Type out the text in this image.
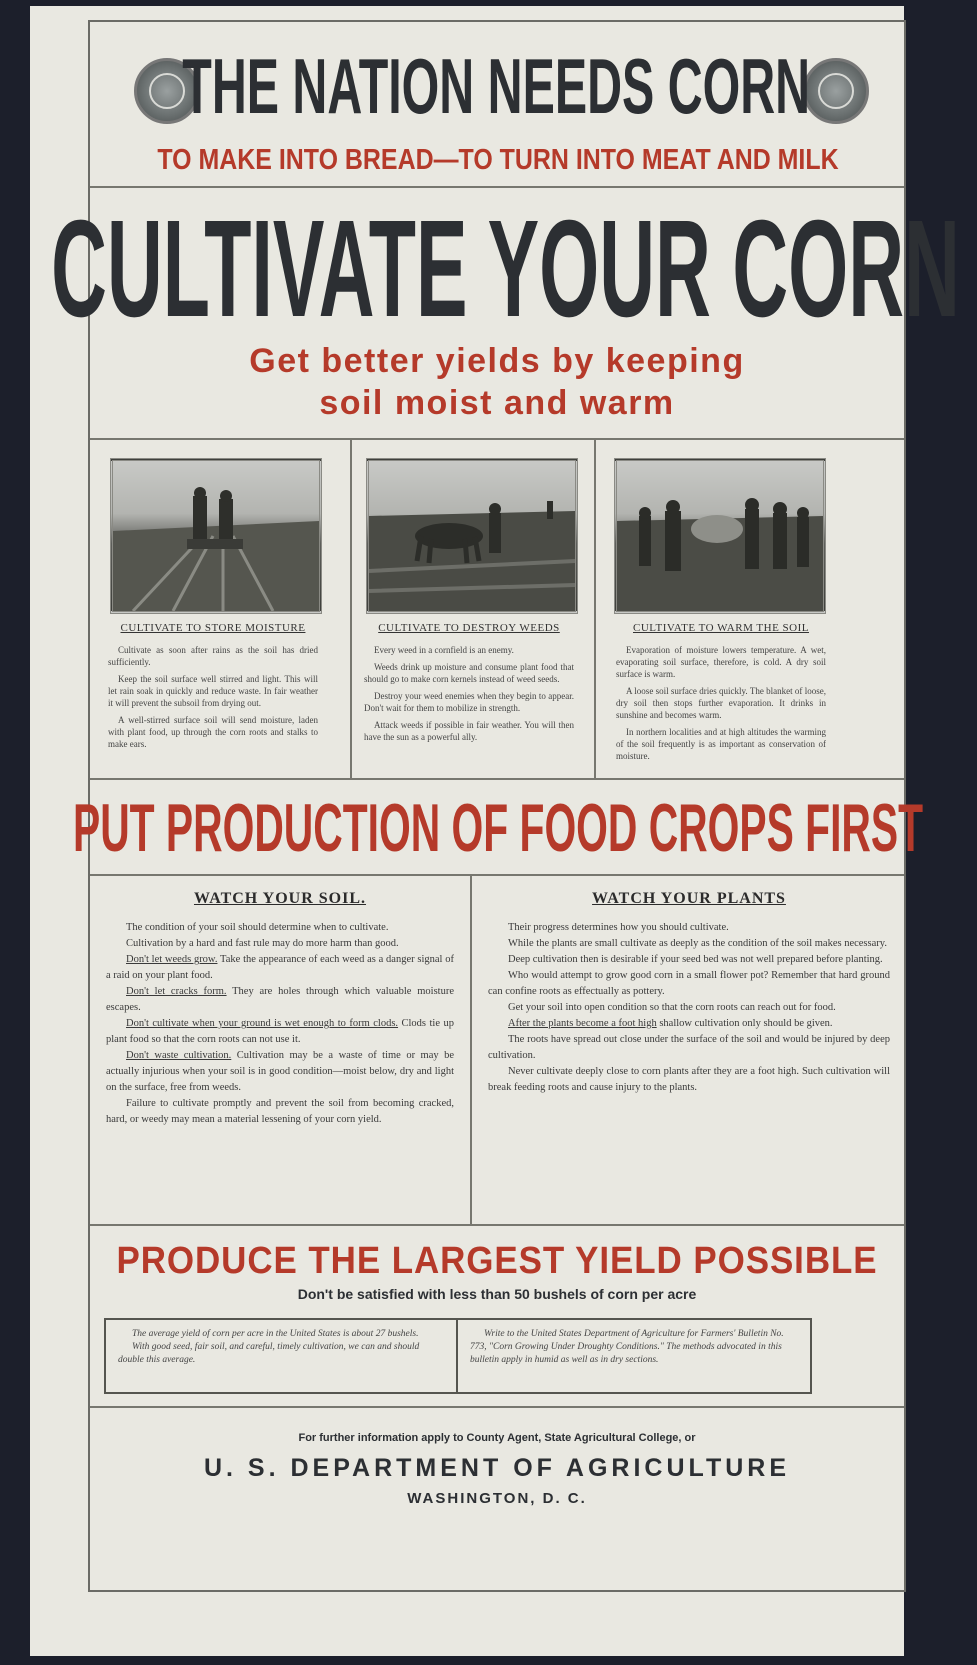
THE NATION NEEDS CORN
TO MAKE INTO BREAD—TO TURN INTO MEAT AND MILK
CULTIVATE YOUR CORN
Get better yields by keeping
soil moist and warm
CULTIVATE TO STORE MOISTURE

Cultivate as soon after rains as the soil has dried sufficiently.

Keep the soil surface well stirred and light. This will let rain soak in quickly and reduce waste. In fair weather it will prevent the subsoil from drying out.

A well-stirred surface soil will send moisture, laden with plant food, up through the corn roots and stalks to make ears.

CULTIVATE TO DESTROY WEEDS

Every weed in a cornfield is an enemy.

Weeds drink up moisture and consume plant food that should go to make corn kernels instead of weed seeds.

Destroy your weed enemies when they begin to appear. Don't wait for them to mobilize in strength.

Attack weeds if possible in fair weather. You will then have the sun as a powerful ally.

CULTIVATE TO WARM THE SOIL

Evaporation of moisture lowers temperature. A wet, evaporating soil surface, therefore, is cold. A dry soil surface is warm.

A loose soil surface dries quickly. The blanket of loose, dry soil then stops further evaporation. It drinks in sunshine and becomes warm.

In northern localities and at high altitudes the warming of the soil frequently is as important as conservation of moisture.

PUT PRODUCTION OF FOOD CROPS FIRST
WATCH YOUR SOIL.

The condition of your soil should determine when to cultivate.

Cultivation by a hard and fast rule may do more harm than good.

Don't let weeds grow. Take the appearance of each weed as a danger signal of a raid on your plant food.

Don't let cracks form. They are holes through which valuable moisture escapes.

Don't cultivate when your ground is wet enough to form clods. Clods tie up plant food so that the corn roots can not use it.

Don't waste cultivation. Cultivation may be a waste of time or may be actually injurious when your soil is in good condition—moist below, dry and light on the surface, free from weeds.

Failure to cultivate promptly and prevent the soil from becoming cracked, hard, or weedy may mean a material lessening of your corn yield.

WATCH YOUR PLANTS

Their progress determines how you should cultivate.

While the plants are small cultivate as deeply as the condition of the soil makes necessary.

Deep cultivation then is desirable if your seed bed was not well prepared before planting.

Who would attempt to grow good corn in a small flower pot? Remember that hard ground can confine roots as effectually as pottery.

Get your soil into open condition so that the corn roots can reach out for food.

After the plants become a foot high shallow cultivation only should be given.

The roots have spread out close under the surface of the soil and would be injured by deep cultivation.

Never cultivate deeply close to corn plants after they are a foot high. Such cultivation will break feeding roots and cause injury to the plants.

PRODUCE THE LARGEST YIELD POSSIBLE
Don't be satisfied with less than 50 bushels of corn per acre
The average yield of corn per acre in the United States is about 27 bushels.
With good seed, fair soil, and careful, timely cultivation, we can and should double this average.
Write to the United States Department of Agriculture for Farmers' Bulletin No. 773, "Corn Growing Under Droughty Conditions." The methods advocated in this bulletin apply in humid as well as in dry sections.
For further information apply to County Agent, State Agricultural College, or
U. S. DEPARTMENT OF AGRICULTURE
WASHINGTON, D. C.
